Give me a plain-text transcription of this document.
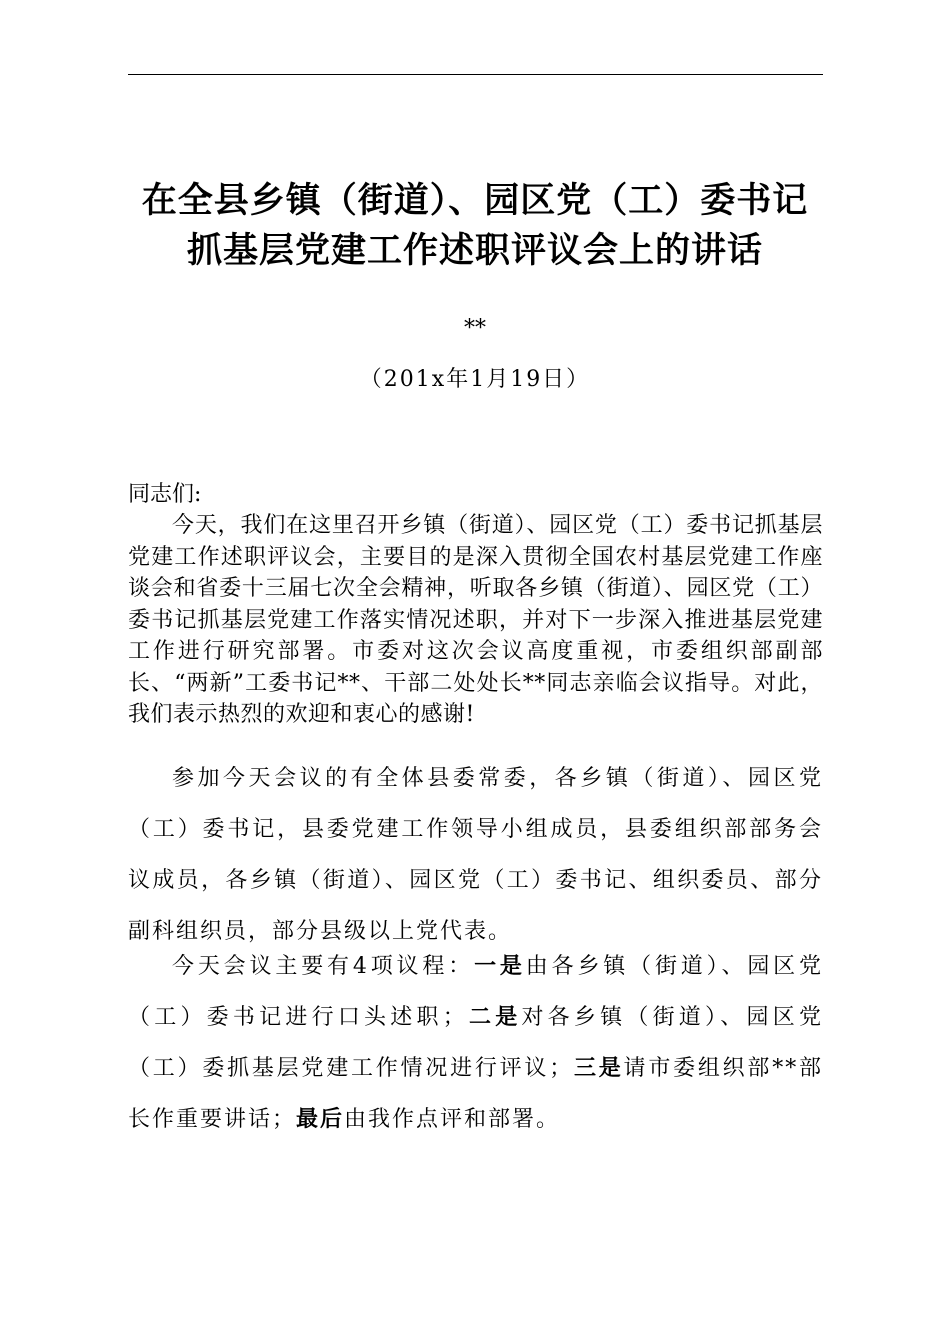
在全县乡镇（街道）、园区党（工）委书记
抓基层党建工作述职评议会上的讲话
**
（201x年1月19日）
同志们:
今天，我们在这里召开乡镇（街道）、园区党（工）委书记抓基层党建工作述职评议会，主要目的是深入贯彻全国农村基层党建工作座谈会和省委十三届七次全会精神，听取各乡镇（街道）、园区党（工）委书记抓基层党建工作落实情况述职，并对下一步深入推进基层党建工作进行研究部署。市委对这次会议高度重视，市委组织部副部长、“两新”工委书记**、干部二处处长**同志亲临会议指导。对此，我们表示热烈的欢迎和衷心的感谢!
参加今天会议的有全体县委常委，各乡镇（街道）、园区党（工）委书记，县委党建工作领导小组成员，县委组织部部务会议成员，各乡镇（街道）、园区党（工）委书记、组织委员、部分副科组织员，部分县级以上党代表。
今天会议主要有4项议程：一是由各乡镇（街道）、园区党（工）委书记进行口头述职；二是对各乡镇（街道）、园区党（工）委抓基层党建工作情况进行评议；三是请市委组织部**部长作重要讲话；最后由我作点评和部署。
